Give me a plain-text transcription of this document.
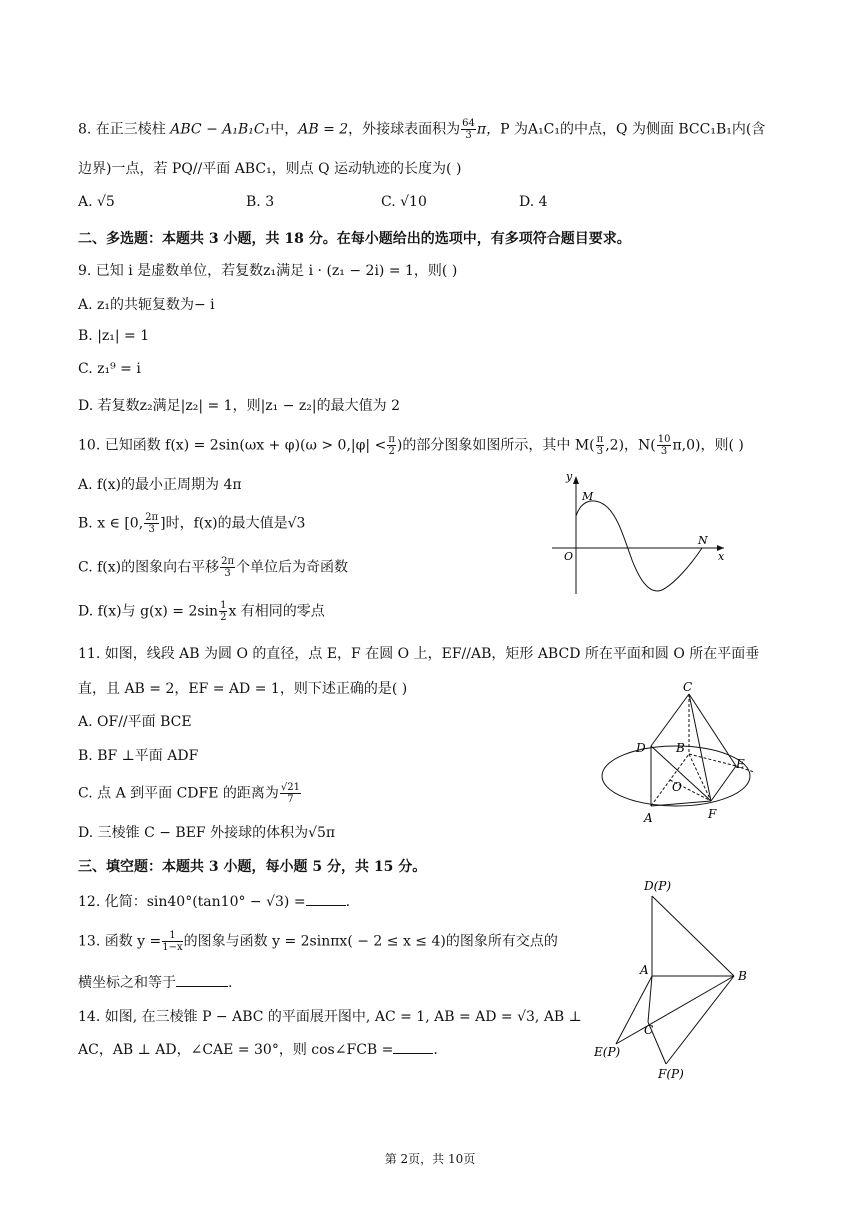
8. 在正三棱柱 ABC − A₁B₁C₁中，AB = 2，外接球表面积为 $\frac{64}{3}$ π，P 为A₁C₁的中点，Q 为侧面 BCC₁B₁内(含
边界)一点，若 PQ//平面 ABC₁，则点 Q 运动轨迹的长度为( )
A. √5	B. 3	C. √10	D. 4
二、多选题：本题共 3 小题，共 18 分。在每小题给出的选项中，有多项符合题目要求。
9. 已知 i 是虚数单位，若复数z₁满足 i · (z₁ − 2i) = 1，则( )
A. z₁的共轭复数为− i
B. |z₁| = 1
C. z₁⁹ = i
D. 若复数z₂满足|z₂| = 1，则|z₁ − z₂|的最大值为 2
10. 已知函数 $f(x) = 2\sin(\omega x + \varphi)(\omega > 0,|\varphi| < \frac{\pi}{2}$ )的部分图象如图所示，其中 $M( \frac{\pi}{3} ,2)$，$N( \frac{10}{3} \pi,0)$，则( )
A. f(x)的最小正周期为 4π
B. x ∈ [0, $\frac{2\pi}{3}$ ]时，f(x)的最大值是√3
C. f(x)的图象向右平移 $\frac{2\pi}{3}$ 个单位后为奇函数
D. f(x)与 $g(x) = 2\sin \frac{1}{2}$ x 有相同的零点
y
x
O
M
N
11. 如图，线段 AB 为圆 O 的直径，点 E，F 在圆 O 上，EF//AB，矩形 ABCD 所在平面和圆 O 所在平面垂
直，且 AB = 2，EF = AD = 1，则下述正确的是( )
A. OF//平面 BCE
B. BF ⊥平面 ADF
C. 点 A 到平面 CDFE 的距离为 $\frac{√21}{7}$
D. 三棱锥 C − BEF 外接球的体积为√5π
C
D	B
E
O
A	F
三、填空题：本题共 3 小题，每小题 5 分，共 15 分。
12. 化简：sin40°(tan10° − √3) =	.
13. 函数 $y = \frac{1}{1-x}$ 的图象与函数 y = 2sinπx( − 2 ≤ x ≤ 4)的图象所有交点的
横坐标之和等于	.
14. 如图, 在三棱锥 P − ABC 的平面展开图中, AC = 1, AB = AD = √3, AB ⊥
AC，AB ⊥ AD，∠CAE = 30°，则 cos∠FCB =	.
D(P)
A	B
C
E(P)
F(P)
第 2页，共 10页
